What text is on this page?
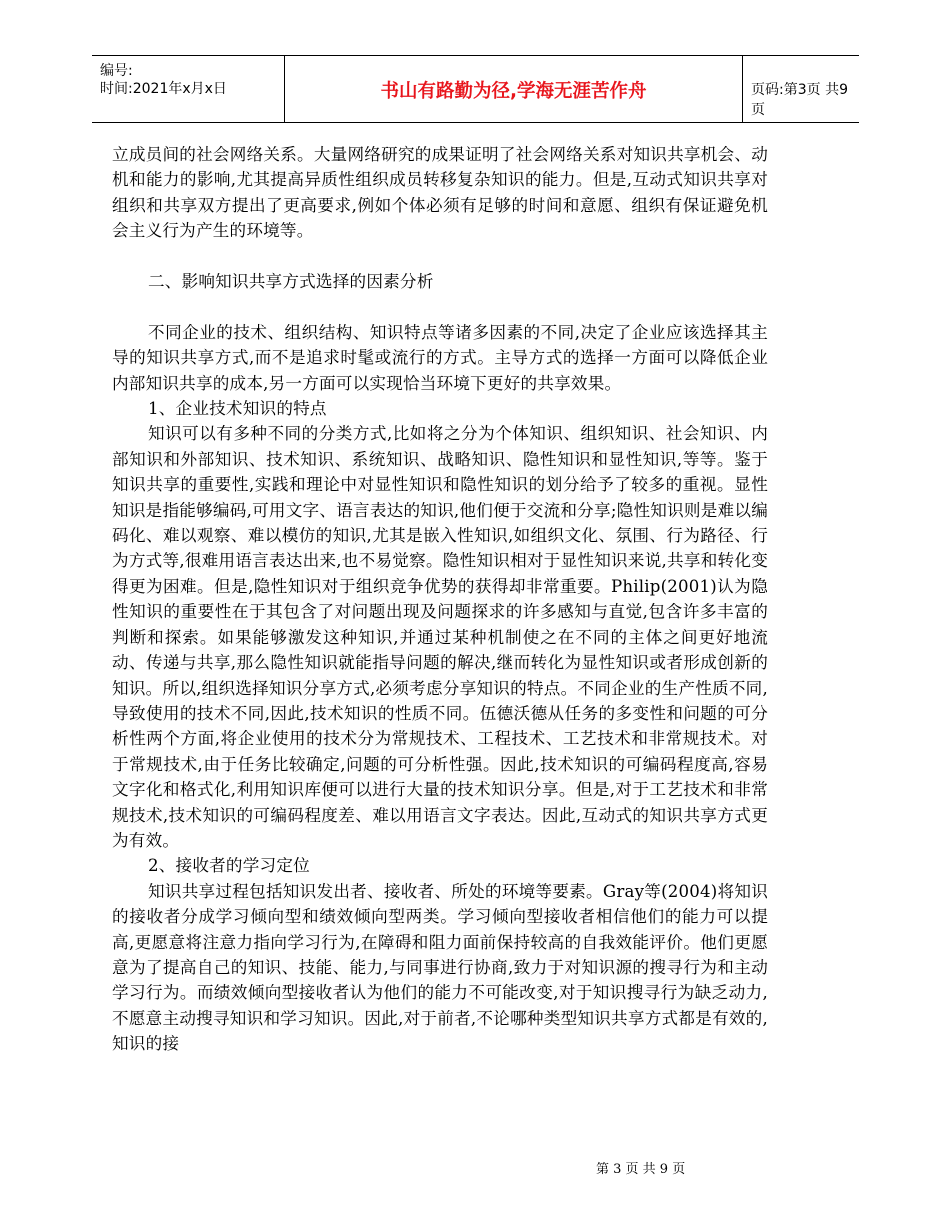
编号:
时间:2021年x月x日	书山有路勤为径,学海无涯苦作舟	页码:第3页 共9页

立成员间的社会网络关系。大量网络研究的成果证明了社会网络关系对知识共享机会、动机和能力的影响,尤其提高异质性组织成员转移复杂知识的能力。但是,互动式知识共享对组织和共享双方提出了更高要求,例如个体必须有足够的时间和意愿、组织有保证避免机会主义行为产生的环境等。

二、影响知识共享方式选择的因素分析

不同企业的技术、组织结构、知识特点等诸多因素的不同,决定了企业应该选择其主导的知识共享方式,而不是追求时髦或流行的方式。主导方式的选择一方面可以降低企业内部知识共享的成本,另一方面可以实现恰当环境下更好的共享效果。

1、企业技术知识的特点

知识可以有多种不同的分类方式,比如将之分为个体知识、组织知识、社会知识、内部知识和外部知识、技术知识、系统知识、战略知识、隐性知识和显性知识,等等。鉴于知识共享的重要性,实践和理论中对显性知识和隐性知识的划分给予了较多的重视。显性知识是指能够编码,可用文字、语言表达的知识,他们便于交流和分享;隐性知识则是难以编码化、难以观察、难以模仿的知识,尤其是嵌入性知识,如组织文化、氛围、行为路径、行为方式等,很难用语言表达出来,也不易觉察。隐性知识相对于显性知识来说,共享和转化变得更为困难。但是,隐性知识对于组织竞争优势的获得却非常重要。Philip(2001)认为隐性知识的重要性在于其包含了对问题出现及问题探求的许多感知与直觉,包含许多丰富的判断和探索。如果能够激发这种知识,并通过某种机制使之在不同的主体之间更好地流动、传递与共享,那么隐性知识就能指导问题的解决,继而转化为显性知识或者形成创新的知识。所以,组织选择知识分享方式,必须考虑分享知识的特点。不同企业的生产性质不同,导致使用的技术不同,因此,技术知识的性质不同。伍德沃德从任务的多变性和问题的可分析性两个方面,将企业使用的技术分为常规技术、工程技术、工艺技术和非常规技术。对于常规技术,由于任务比较确定,问题的可分析性强。因此,技术知识的可编码程度高,容易文字化和格式化,利用知识库便可以进行大量的技术知识分享。但是,对于工艺技术和非常规技术,技术知识的可编码程度差、难以用语言文字表达。因此,互动式的知识共享方式更为有效。

2、接收者的学习定位

知识共享过程包括知识发出者、接收者、所处的环境等要素。Gray等(2004)将知识的接收者分成学习倾向型和绩效倾向型两类。学习倾向型接收者相信他们的能力可以提高,更愿意将注意力指向学习行为,在障碍和阻力面前保持较高的自我效能评价。他们更愿意为了提高自己的知识、技能、能力,与同事进行协商,致力于对知识源的搜寻行为和主动学习行为。而绩效倾向型接收者认为他们的能力不可能改变,对于知识搜寻行为缺乏动力,不愿意主动搜寻知识和学习知识。因此,对于前者,不论哪种类型知识共享方式都是有效的,知识的接

第 3 页 共 9 页
